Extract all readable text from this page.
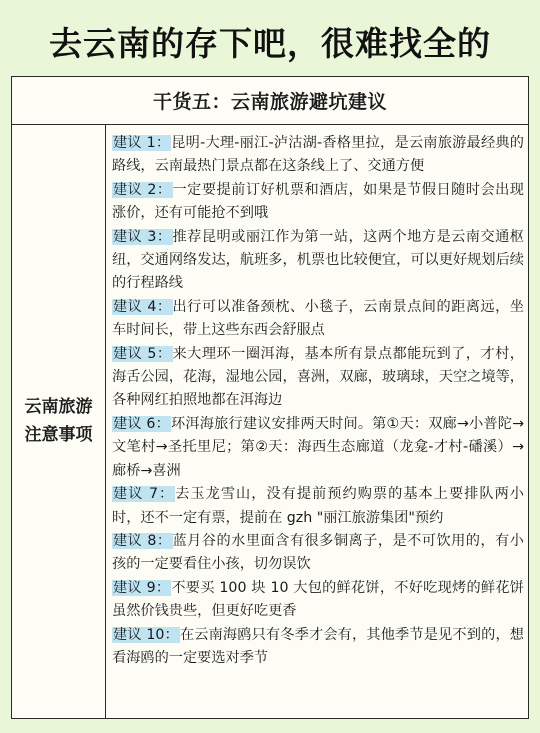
去云南的存下吧，很难找全的
干货五：云南旅游避坑建议
云南旅游
注意事项

建议 1：昆明-大理-丽江-泸沽湖-香格里拉，是云南旅游最经典的路线，云南最热门景点都在这条线上了、交通方便

建议 2：一定要提前订好机票和酒店，如果是节假日随时会出现涨价，还有可能抢不到哦

建议 3：推荐昆明或丽江作为第一站，这两个地方是云南交通枢纽，交通网络发达，航班多，机票也比较便宜，可以更好规划后续的行程路线

建议 4：出行可以准备颈枕、小毯子，云南景点间的距离远，坐车时间长，带上这些东西会舒服点

建议 5：来大理环一圈洱海，基本所有景点都能玩到了，才村，海舌公园，花海，湿地公园，喜洲，双廊，玻璃球，天空之境等，各种网红拍照地都在洱海边

建议 6：环洱海旅行建议安排两天时间。第①天：双廊→小普陀→文笔村→圣托里尼；第②天：海西生态廊道（龙龛-才村-磻溪）→廊桥→喜洲

建议 7：去玉龙雪山，没有提前预约购票的基本上要排队两小时，还不一定有票，提前在 gzh "丽江旅游集团"预约

建议 8：蓝月谷的水里面含有很多铜离子，是不可饮用的，有小孩的一定要看住小孩，切勿误饮

建议 9：不要买 100 块 10 大包的鲜花饼，不好吃现烤的鲜花饼虽然价钱贵些，但更好吃更香

建议 10：在云南海鸥只有冬季才会有，其他季节是见不到的，想看海鸥的一定要选对季节
